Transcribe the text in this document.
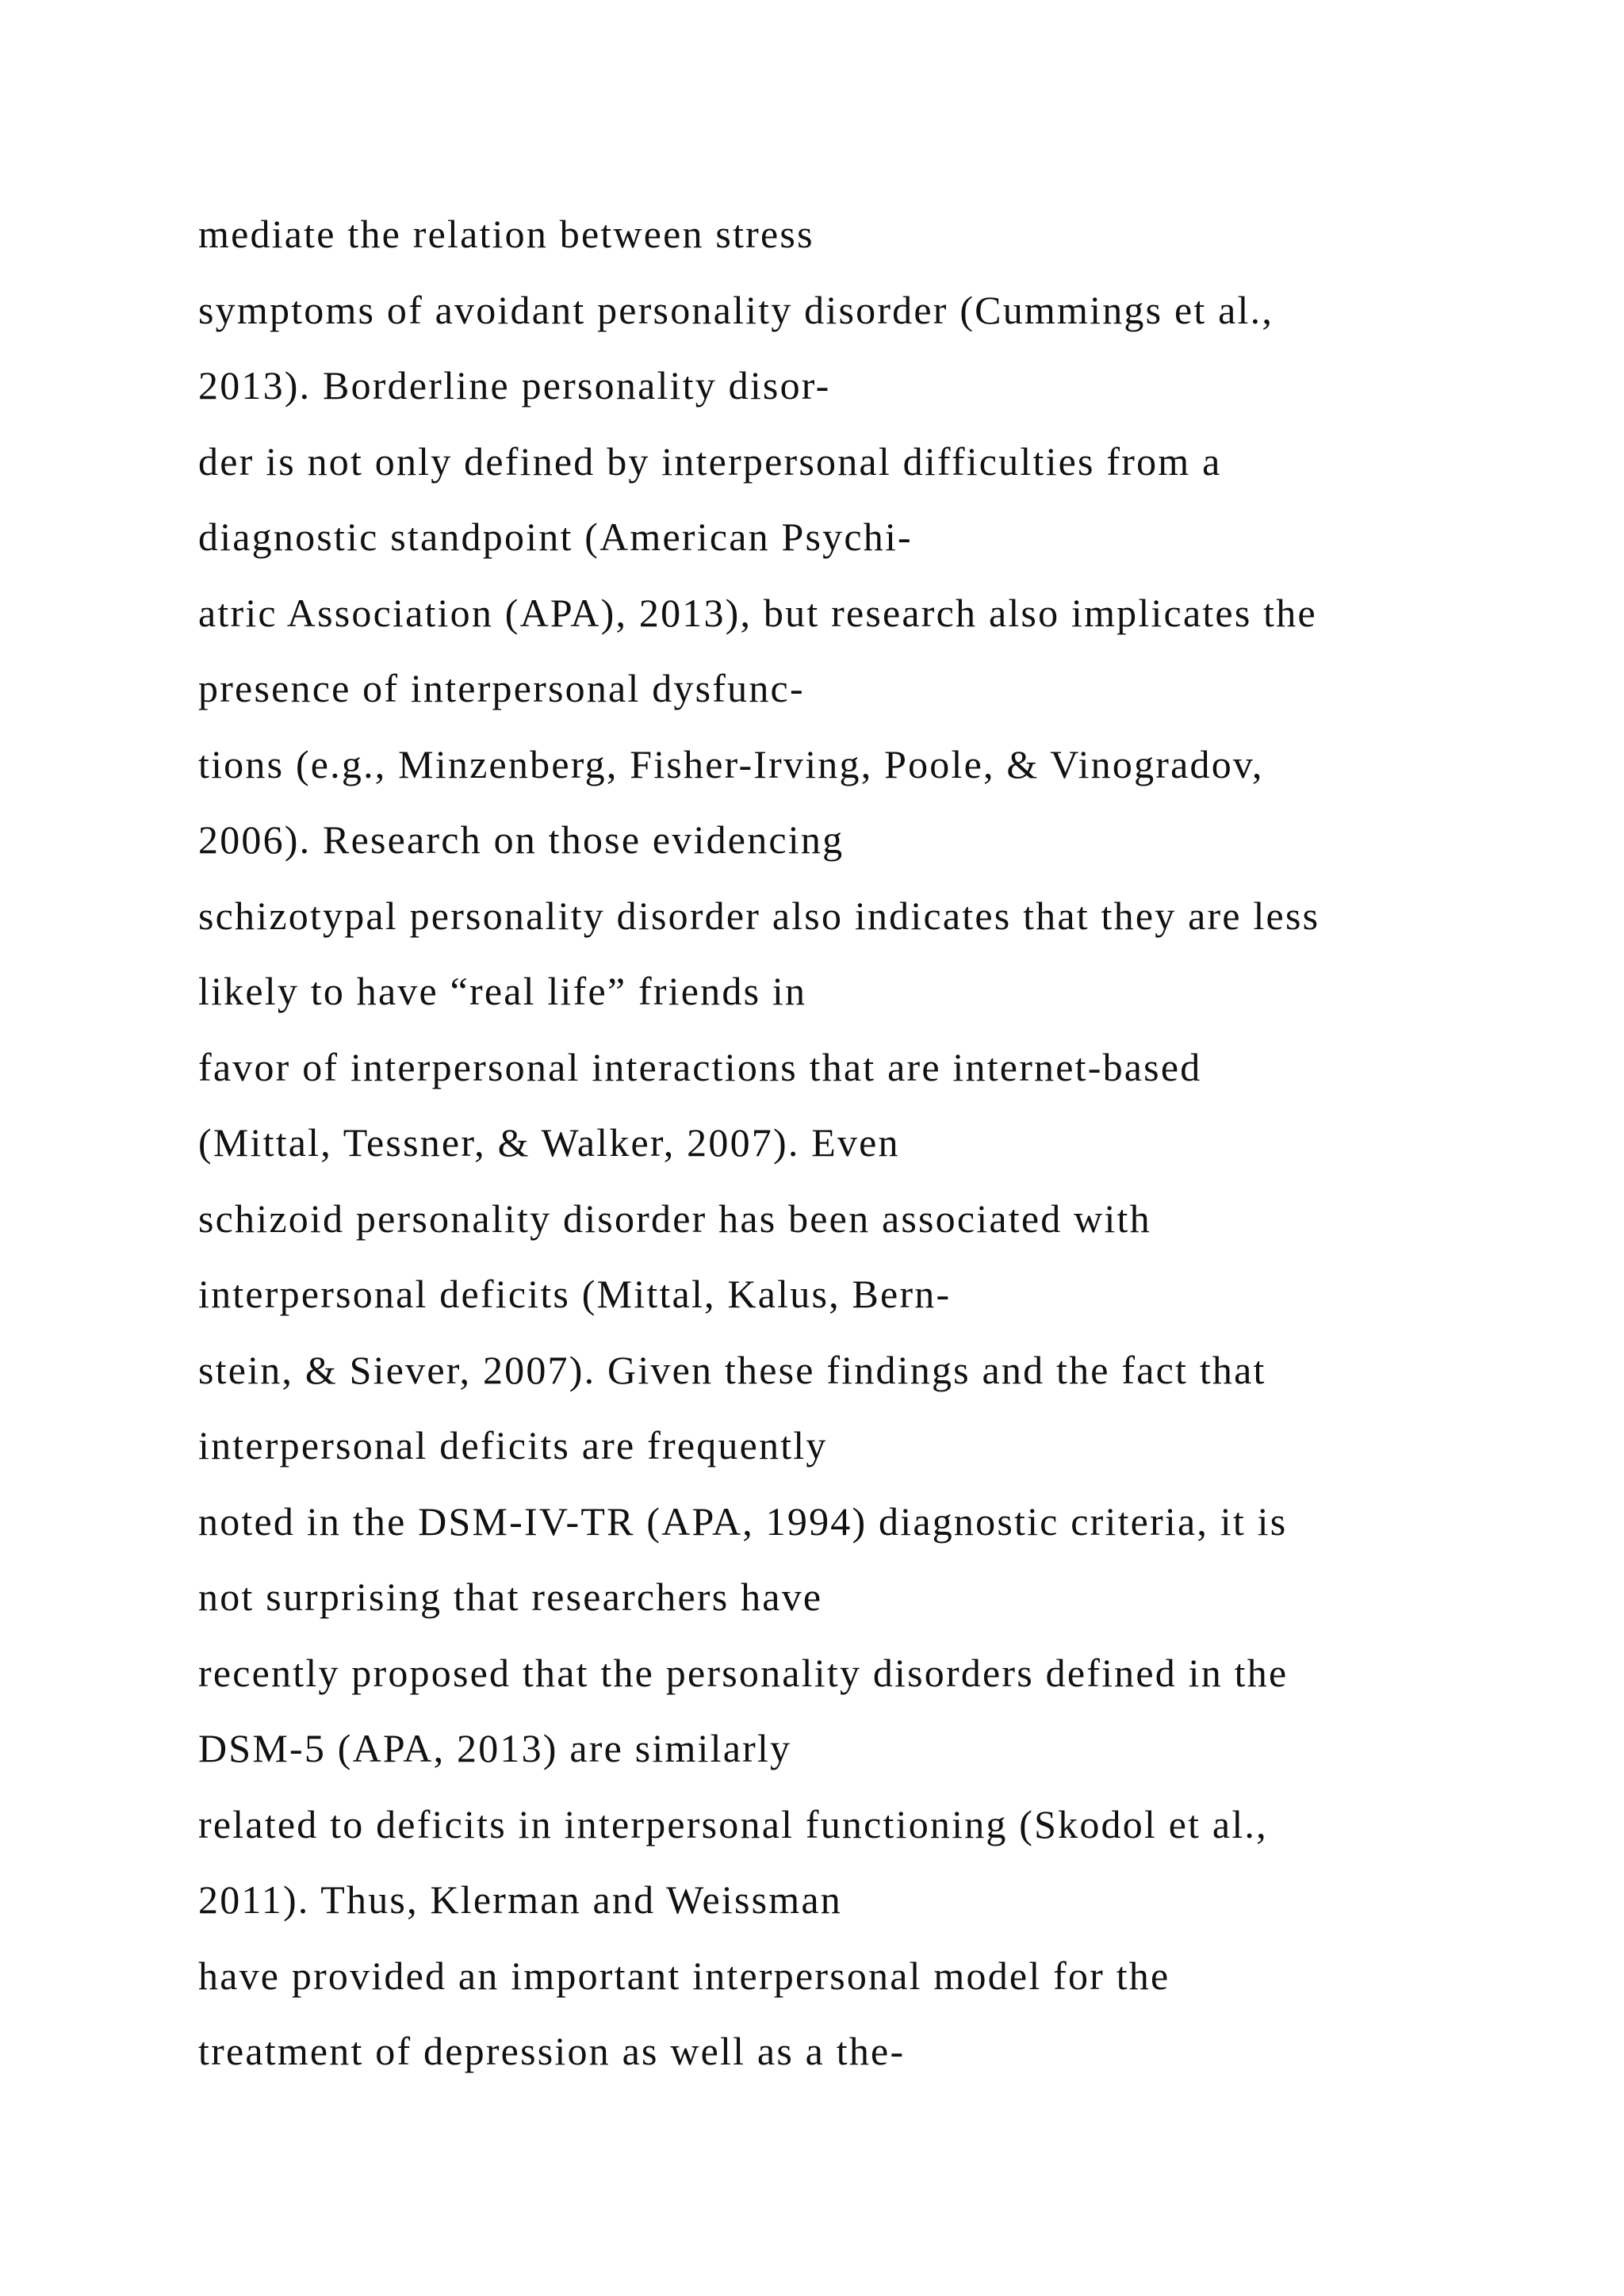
mediate the relation between stress
symptoms of avoidant personality disorder (Cummings et al.,
2013). Borderline personality disor-
der is not only defined by interpersonal difficulties from a
diagnostic standpoint (American Psychi-
atric Association (APA), 2013), but research also implicates the
presence of interpersonal dysfunc-
tions (e.g., Minzenberg, Fisher-Irving, Poole, & Vinogradov,
2006). Research on those evidencing
schizotypal personality disorder also indicates that they are less
likely to have “real life” friends in
favor of interpersonal interactions that are internet-based
(Mittal, Tessner, & Walker, 2007). Even
schizoid personality disorder has been associated with
interpersonal deficits (Mittal, Kalus, Bern-
stein, & Siever, 2007). Given these findings and the fact that
interpersonal deficits are frequently
noted in the DSM-IV-TR (APA, 1994) diagnostic criteria, it is
not surprising that researchers have
recently proposed that the personality disorders defined in the
DSM-5 (APA, 2013) are similarly
related to deficits in interpersonal functioning (Skodol et al.,
2011). Thus, Klerman and Weissman
have provided an important interpersonal model for the
treatment of depression as well as a the-
